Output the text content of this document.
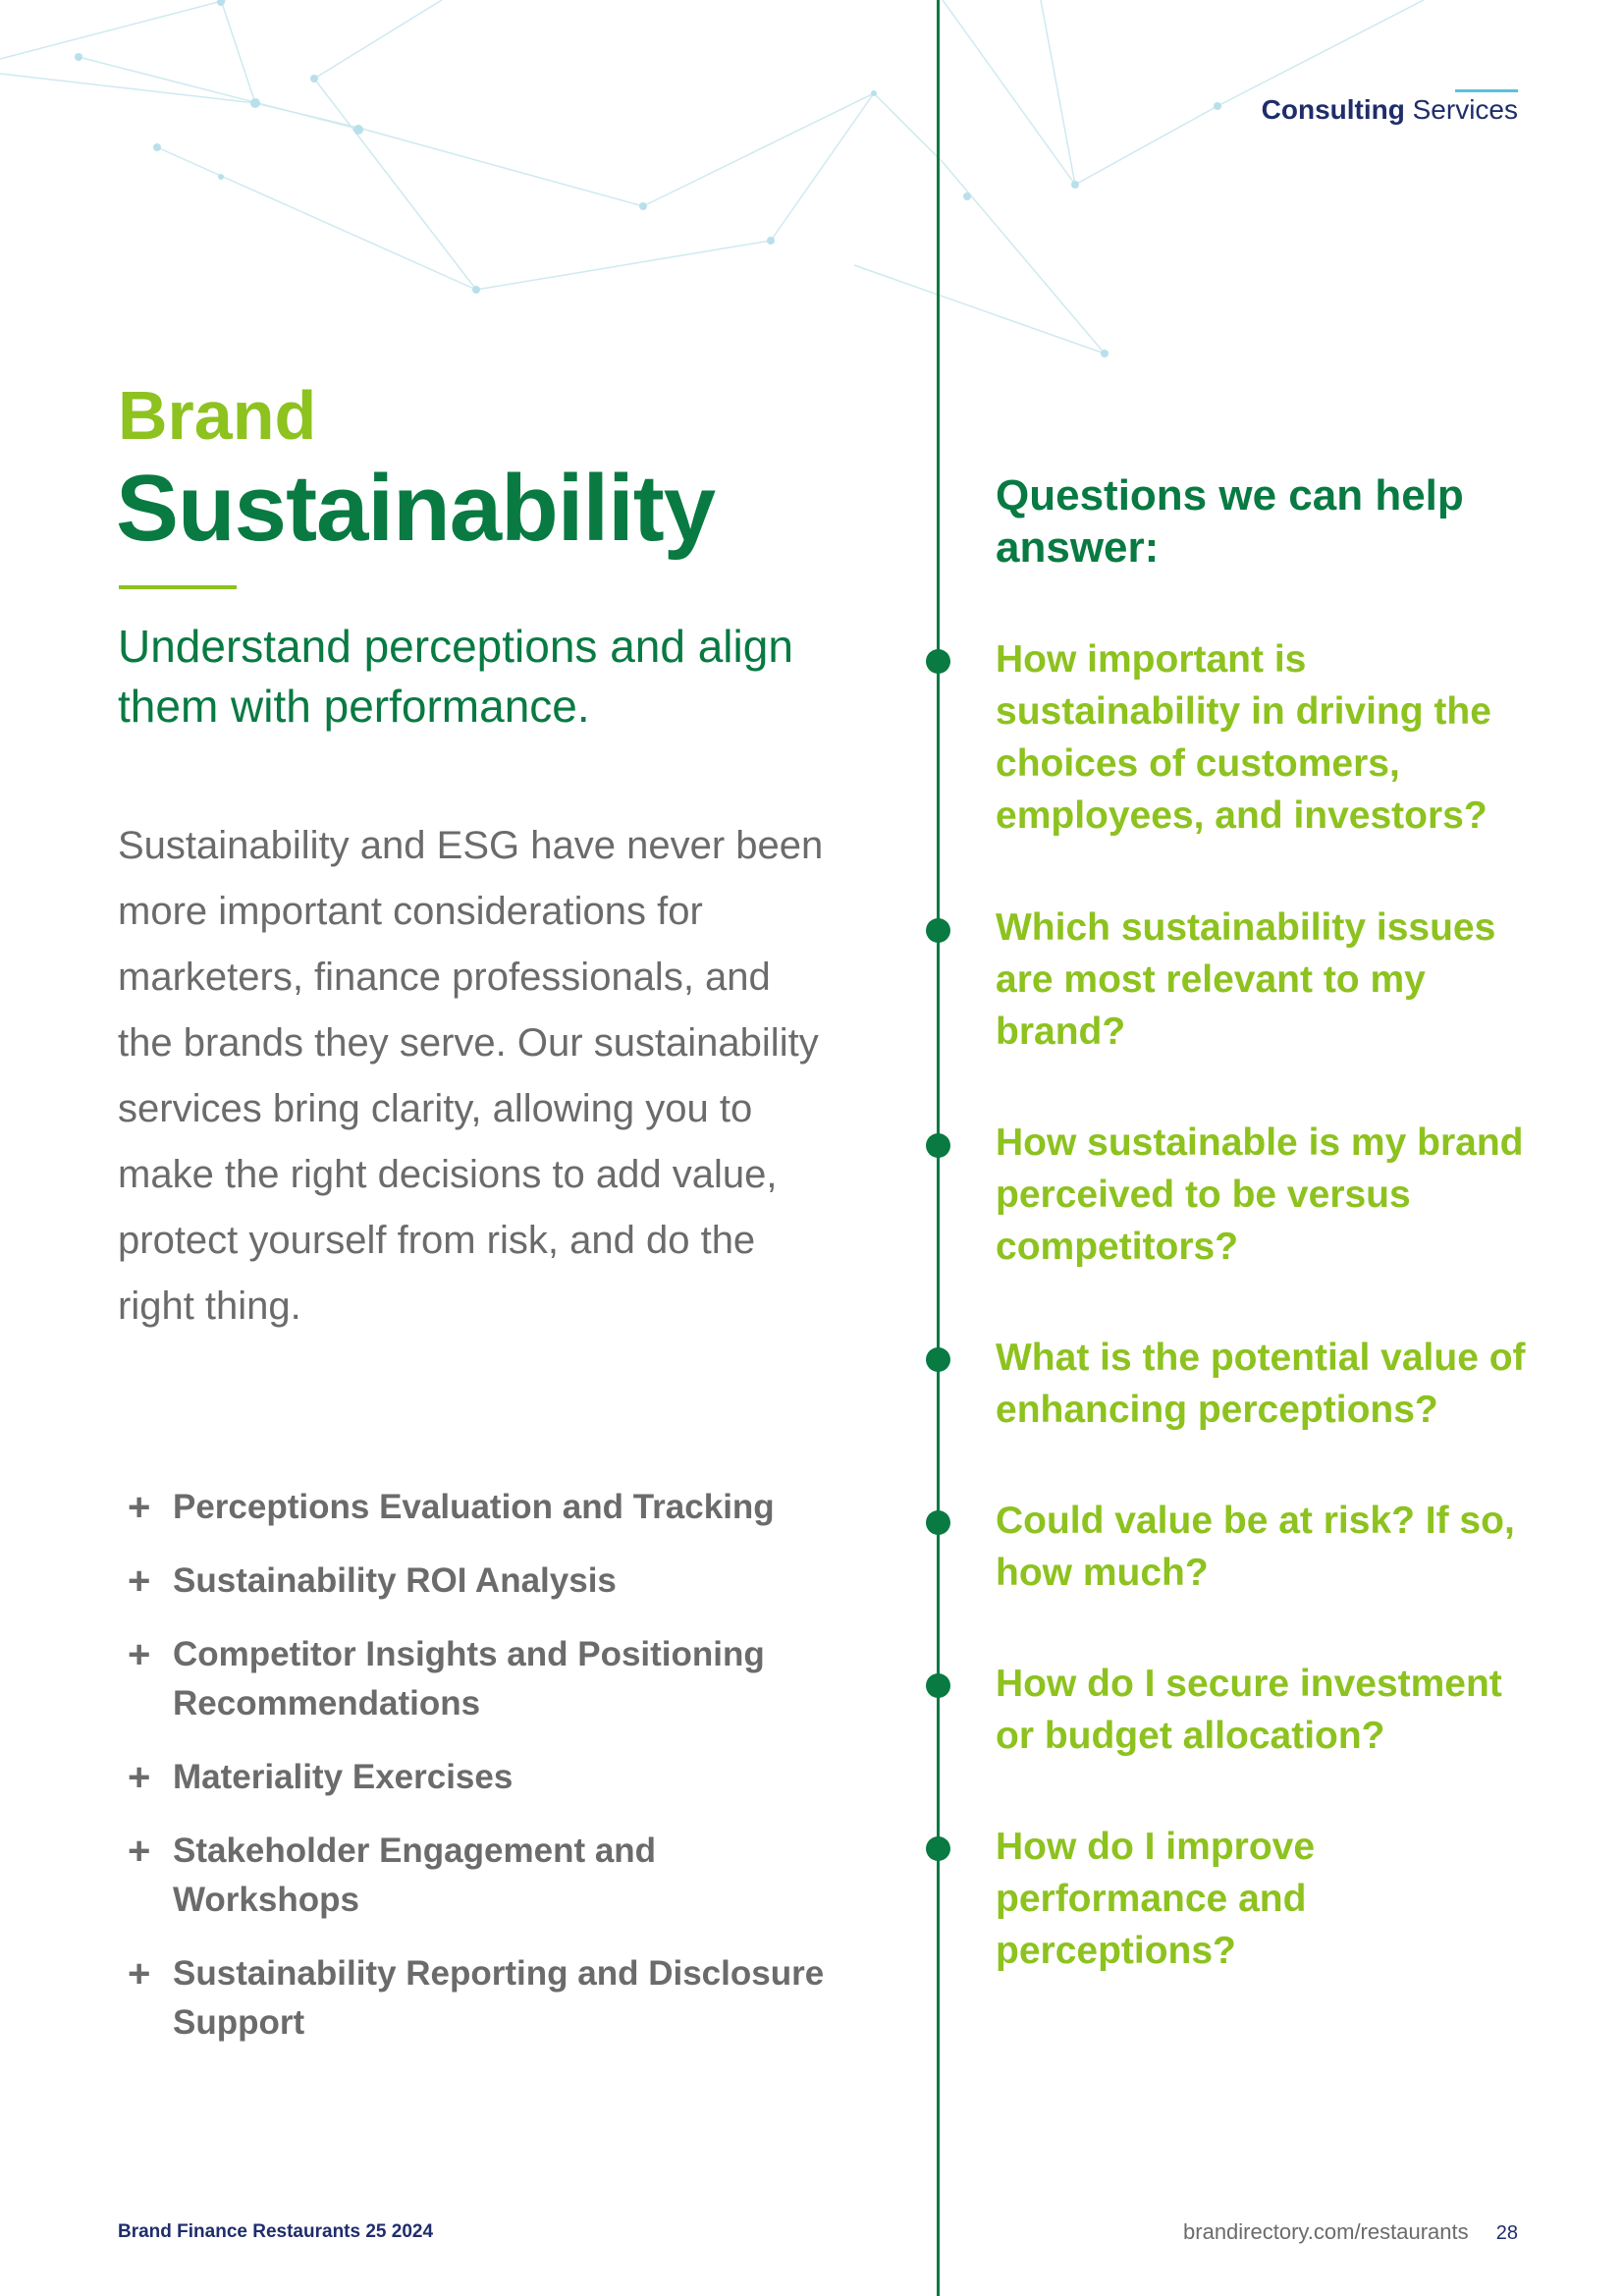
Consulting Services
Brand
Sustainability
Understand perceptions and align them with performance.
Sustainability and ESG have never been more important considerations for marketers, finance professionals, and the brands they serve. Our sustainability services bring clarity, allowing you to make the right decisions to add value, protect yourself from risk, and do the right thing.
+ Perceptions Evaluation and Tracking
+ Sustainability ROI Analysis
+ Competitor Insights and Positioning Recommendations
+ Materiality Exercises
+ Stakeholder Engagement and Workshops
+ Sustainability Reporting and Disclosure Support
Questions we can help answer:
How important is sustainability in driving the choices of customers, employees, and investors?
Which sustainability issues are most relevant to my brand?
How sustainable is my brand perceived to be versus competitors?
What is the potential value of enhancing perceptions?
Could value be at risk? If so, how much?
How do I secure investment or budget allocation?
How do I improve performance and perceptions?
Brand Finance Restaurants 25 2024	brandirectory.com/restaurants 28
